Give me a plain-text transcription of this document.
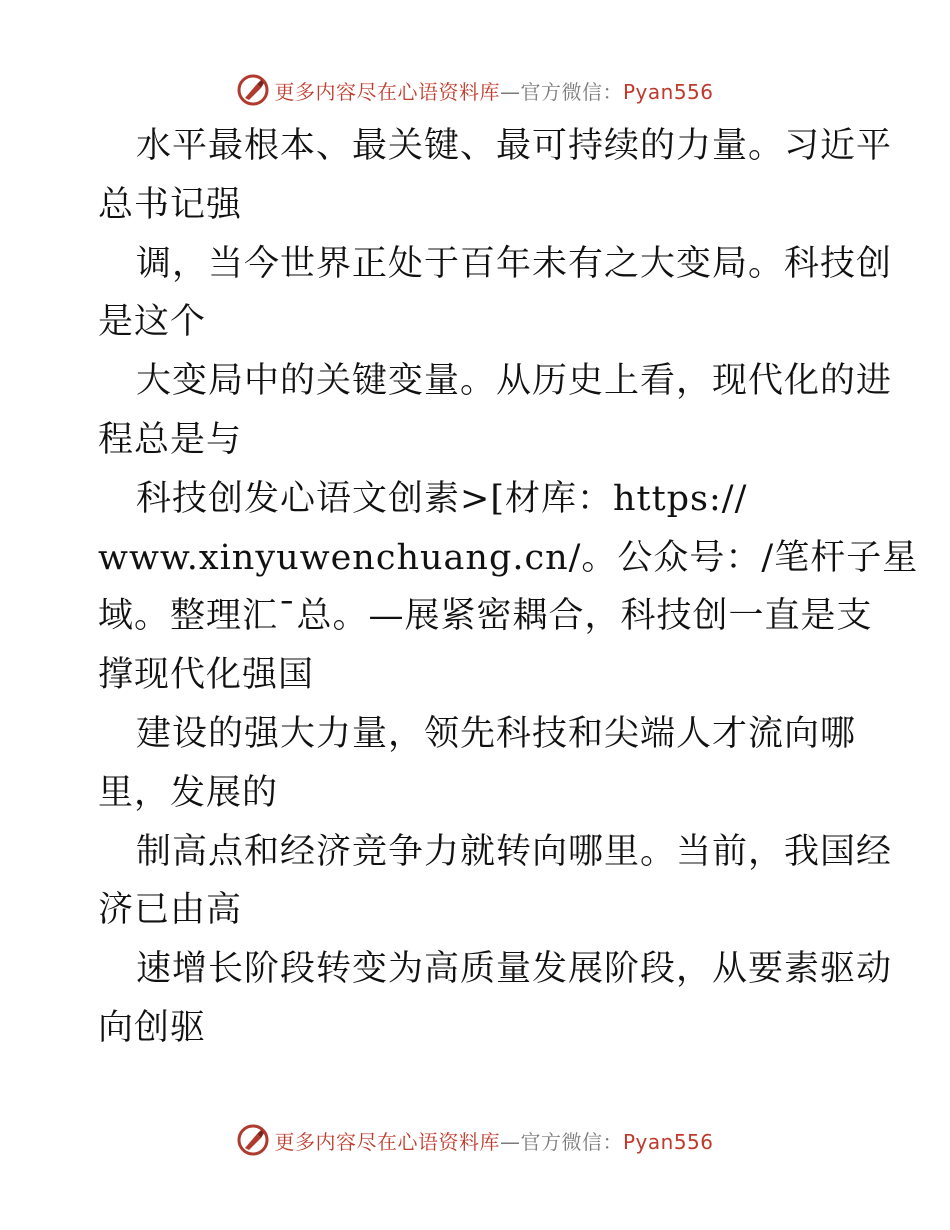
更多内容尽在心语资料库—官方微信：Pyan556
水平最根本、最关键、最可持续的力量。习近平
总书记强
调，当今世界正处于百年未有之大变局。科技创
是这个
大变局中的关键变量。从历史上看，现代化的进
程总是与
科技创发心语文创素>[材库：https://
www.xinyuwenchuang.cn/。公众号：/笔杆子星
域。整理汇¯总。—展紧密耦合，科技创一直是支
撑现代化强国
建设的强大力量，领先科技和尖端人才流向哪
里，发展的
制高点和经济竞争力就转向哪里。当前，我国经
济已由高
速增长阶段转变为高质量发展阶段，从要素驱动
向创驱
更多内容尽在心语资料库—官方微信：Pyan556
